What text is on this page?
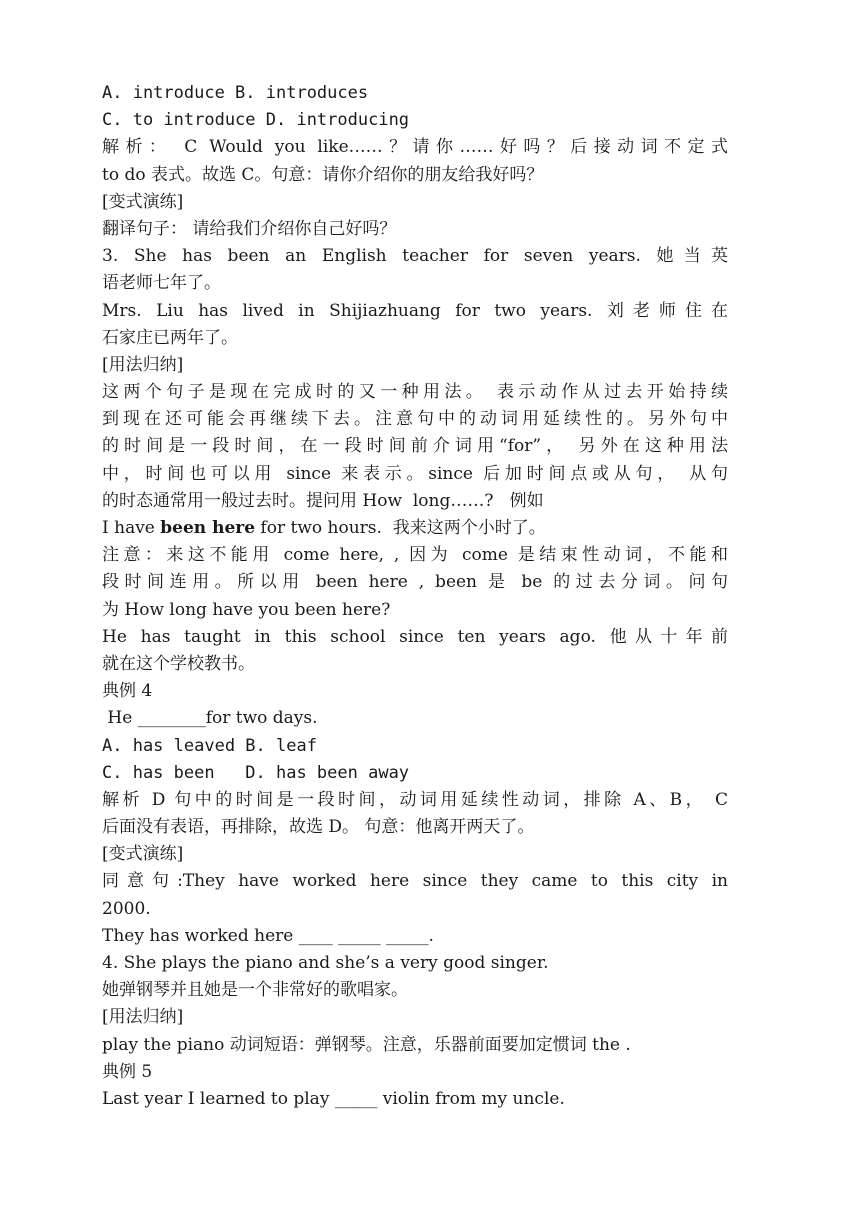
A. introduce B. introduces
C. to introduce D. introducing
解析： C Would you like……？请你……好吗？后接动词不定式
to do 表式。故选 C。句意：请你介绍你的朋友给我好吗？
[变式演练]
翻译句子： 请给我们介绍你自己好吗？
3. She has been an English teacher for seven years. 她当英
语老师七年了。
Mrs. Liu has lived in Shijiazhuang for two years. 刘老师住在
石家庄已两年了。
[用法归纳]
这两个句子是现在完成时的又一种用法。 表示动作从过去开始持续
到现在还可能会再继续下去。注意句中的动词用延续性的。另外句中
的时间是一段时间，在一段时间前介词用“for”， 另外在这种用法
中，时间也可以用 since 来表示。since 后加时间点或从句， 从句
的时态通常用一般过去时。提问用 How  long……?   例如
I have been here for two hours.  我来这两个小时了。
注意：来这不能用 come here, , 因为 come 是结束性动词，不能和
段时间连用。所以用 been here , been 是 be 的过去分词。问句
为 How long have you been here?
He has taught in this school since ten years ago. 他从十年前
就在这个学校教书。
典例 4
He ________for two days.
A. has leaved B. leaf
C. has been   D. has been away
解析 D 句中的时间是一段时间，动词用延续性动词，排除 A、B， C
后面没有表语，再排除，故选 D。 句意：他离开两天了。
[变式演练]
同意句:They have worked here since they came to this city in
2000.
They has worked here ____ _____ _____.
4. She plays the piano and she’s a very good singer.
她弹钢琴并且她是一个非常好的歌唱家。
[用法归纳]
play the piano 动词短语：弹钢琴。注意，乐器前面要加定惯词 the .
典例 5
Last year I learned to play _____ violin from my uncle.
